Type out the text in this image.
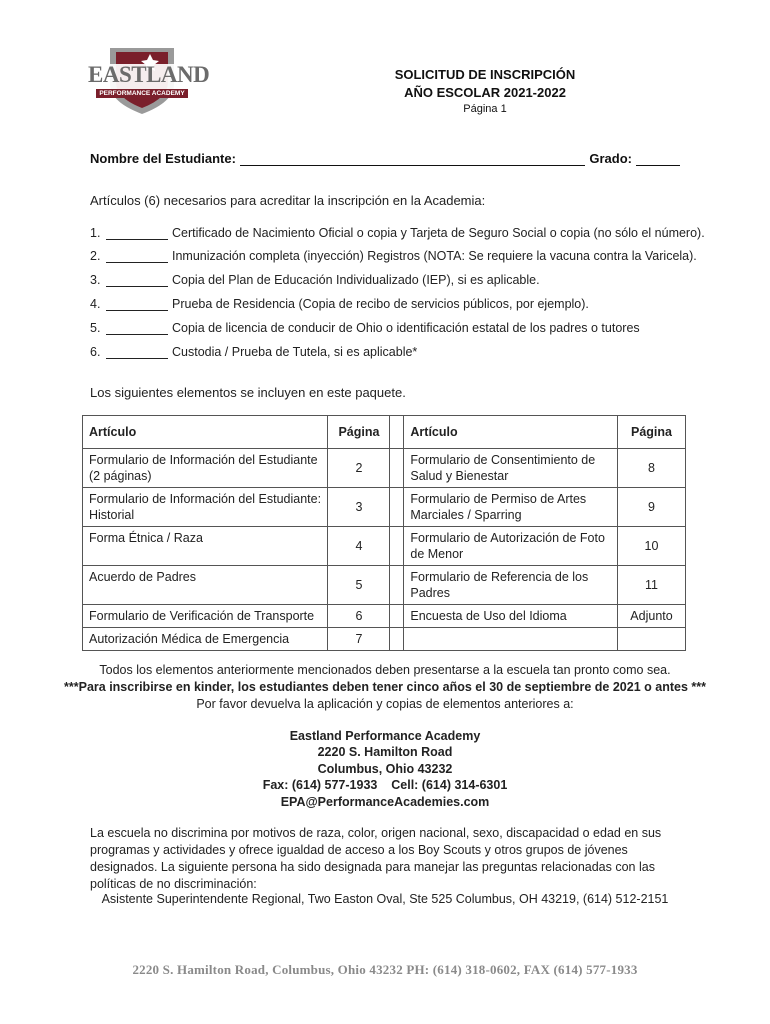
EASTLAND
PERFORMANCE ACADEMY
SOLICITUD DE INSCRIPCIÓN
AÑO ESCOLAR 2021-2022
Página 1
Nombre del Estudiante:	Grado:
Artículos (6) necesarios para acreditar la inscripción en la Academia:
1.	Certificado de Nacimiento Oficial o copia y Tarjeta de Seguro Social o copia (no sólo el número).
2.	Inmunización completa (inyección) Registros (NOTA: Se requiere la vacuna contra la Varicela).
3.	Copia del Plan de Educación Individualizado (IEP), si es aplicable.
4.	Prueba de Residencia (Copia de recibo de servicios públicos, por ejemplo).
5.	Copia de licencia de conducir de Ohio o identificación estatal de los padres o tutores
6.	Custodia / Prueba de Tutela, si es aplicable*
Los siguientes elementos se incluyen en este paquete.
Artículo	Página		Artículo	Página
Formulario de Información del Estudiante (2 páginas)	2		Formulario de Consentimiento de Salud y Bienestar	8
Formulario de Información del Estudiante: Historial	3		Formulario de Permiso de Artes Marciales / Sparring	9
Forma Étnica / Raza	4		Formulario de Autorización de Foto de Menor	10
Acuerdo de Padres	5		Formulario de Referencia de los Padres	11
Formulario de Verificación de Transporte	6		Encuesta de Uso del Idioma	Adjunto
Autorización Médica de Emergencia	7			
Todos los elementos anteriormente mencionados deben presentarse a la escuela tan pronto como sea.
***Para inscribirse en kinder, los estudiantes deben tener cinco años el 30 de septiembre de 2021 o antes ***
Por favor devuelva la aplicación y copias de elementos anteriores a:
Eastland Performance Academy
2220 S. Hamilton Road
Columbus, Ohio 43232
Fax: (614) 577-1933    Cell: (614) 314-6301
EPA@PerformanceAcademies.com
La escuela no discrimina por motivos de raza, color, origen nacional, sexo, discapacidad o edad en sus programas y actividades y ofrece igualdad de acceso a los Boy Scouts y otros grupos de jóvenes designados. La siguiente persona ha sido designada para manejar las preguntas relacionadas con las políticas de no discriminación:
Asistente Superintendente Regional, Two Easton Oval, Ste 525 Columbus, OH 43219, (614) 512-2151
2220 S. Hamilton Road, Columbus, Ohio 43232 PH: (614) 318-0602, FAX (614) 577-1933
